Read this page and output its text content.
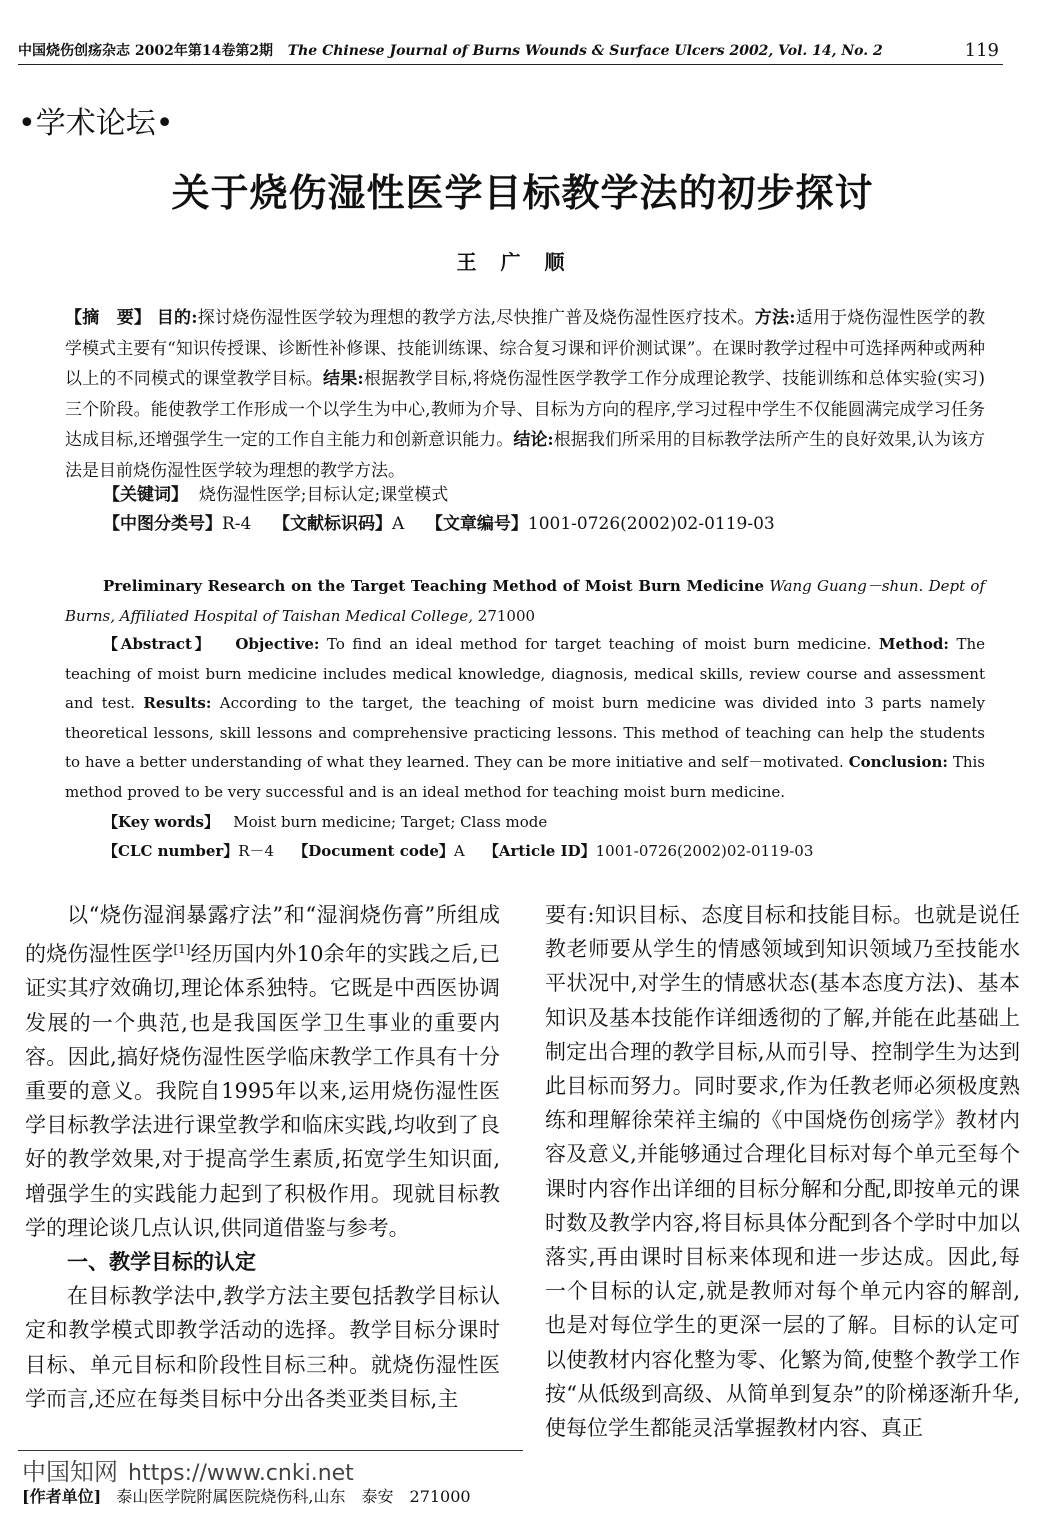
中国烧伤创疡杂志 2002年第14卷第2期 The Chinese Journal of Burns Wounds & Surface Ulcers 2002, Vol. 14, No. 2	119
•学术论坛•
关于烧伤湿性医学目标教学法的初步探讨
王广顺
【摘　要】 目的:探讨烧伤湿性医学较为理想的教学方法,尽快推广普及烧伤湿性医疗技术。方法:适用于烧伤湿性医学的教学模式主要有“知识传授课、诊断性补修课、技能训练课、综合复习课和评价测试课”。在课时教学过程中可选择两种或两种以上的不同模式的课堂教学目标。结果:根据教学目标,将烧伤湿性医学教学工作分成理论教学、技能训练和总体实验(实习)三个阶段。能使教学工作形成一个以学生为中心,教师为介导、目标为方向的程序,学习过程中学生不仅能圆满完成学习任务达成目标,还增强学生一定的工作自主能力和创新意识能力。结论:根据我们所采用的目标教学法所产生的良好效果,认为该方法是目前烧伤湿性医学较为理想的教学方法。
【关键词】 烧伤湿性医学;目标认定;课堂模式
【中图分类号】R-4 【文献标识码】A 【文章编号】1001-0726(2002)02-0119-03
Preliminary Research on the Target Teaching Method of Moist Burn Medicine Wang Guang－shun. Dept of Burns, Affiliated Hospital of Taishan Medical College, 271000
【Abstract】 Objective: To find an ideal method for target teaching of moist burn medicine. Method: The teaching of moist burn medicine includes medical knowledge, diagnosis, medical skills, review course and assessment and test. Results: According to the target, the teaching of moist burn medicine was divided into 3 parts namely theoretical lessons, skill lessons and comprehensive practicing lessons. This method of teaching can help the students to have a better understanding of what they learned. They can be more initiative and self－motivated. Conclusion: This method proved to be very successful and is an ideal method for teaching moist burn medicine.
【Key words】 Moist burn medicine; Target; Class mode
【CLC number】R－4 【Document code】A 【Article ID】1001-0726(2002)02-0119-03

以“烧伤湿润暴露疗法”和“湿润烧伤膏”所组成的烧伤湿性医学[1]经历国内外10余年的实践之后,已证实其疗效确切,理论体系独特。它既是中西医协调发展的一个典范,也是我国医学卫生事业的重要内容。因此,搞好烧伤湿性医学临床教学工作具有十分重要的意义。我院自1995年以来,运用烧伤湿性医学目标教学法进行课堂教学和临床实践,均收到了良好的教学效果,对于提高学生素质,拓宽学生知识面,增强学生的实践能力起到了积极作用。现就目标教学的理论谈几点认识,供同道借鉴与参考。

一、教学目标的认定

在目标教学法中,教学方法主要包括教学目标认定和教学模式即教学活动的选择。教学目标分课时目标、单元目标和阶段性目标三种。就烧伤湿性医学而言,还应在每类目标中分出各类亚类目标,主

要有:知识目标、态度目标和技能目标。也就是说任教老师要从学生的情感领域到知识领域乃至技能水平状况中,对学生的情感状态(基本态度方法)、基本知识及基本技能作详细透彻的了解,并能在此基础上制定出合理的教学目标,从而引导、控制学生为达到此目标而努力。同时要求,作为任教老师必须极度熟练和理解徐荣祥主编的《中国烧伤创疡学》教材内容及意义,并能够通过合理化目标对每个单元至每个课时内容作出详细的目标分解和分配,即按单元的课时数及教学内容,将目标具体分配到各个学时中加以落实,再由课时目标来体现和进一步达成。因此,每一个目标的认定,就是教师对每个单元内容的解剖,也是对每位学生的更深一层的了解。目标的认定可以使教材内容化整为零、化繁为简,使整个教学工作按“从低级到高级、从简单到复杂”的阶梯逐渐升华,使每位学生都能灵活掌握教材内容、真正

中国知网 https://www.cnki.net
[作者单位] 泰山医学院附属医院烧伤科,山东　泰安　271000
